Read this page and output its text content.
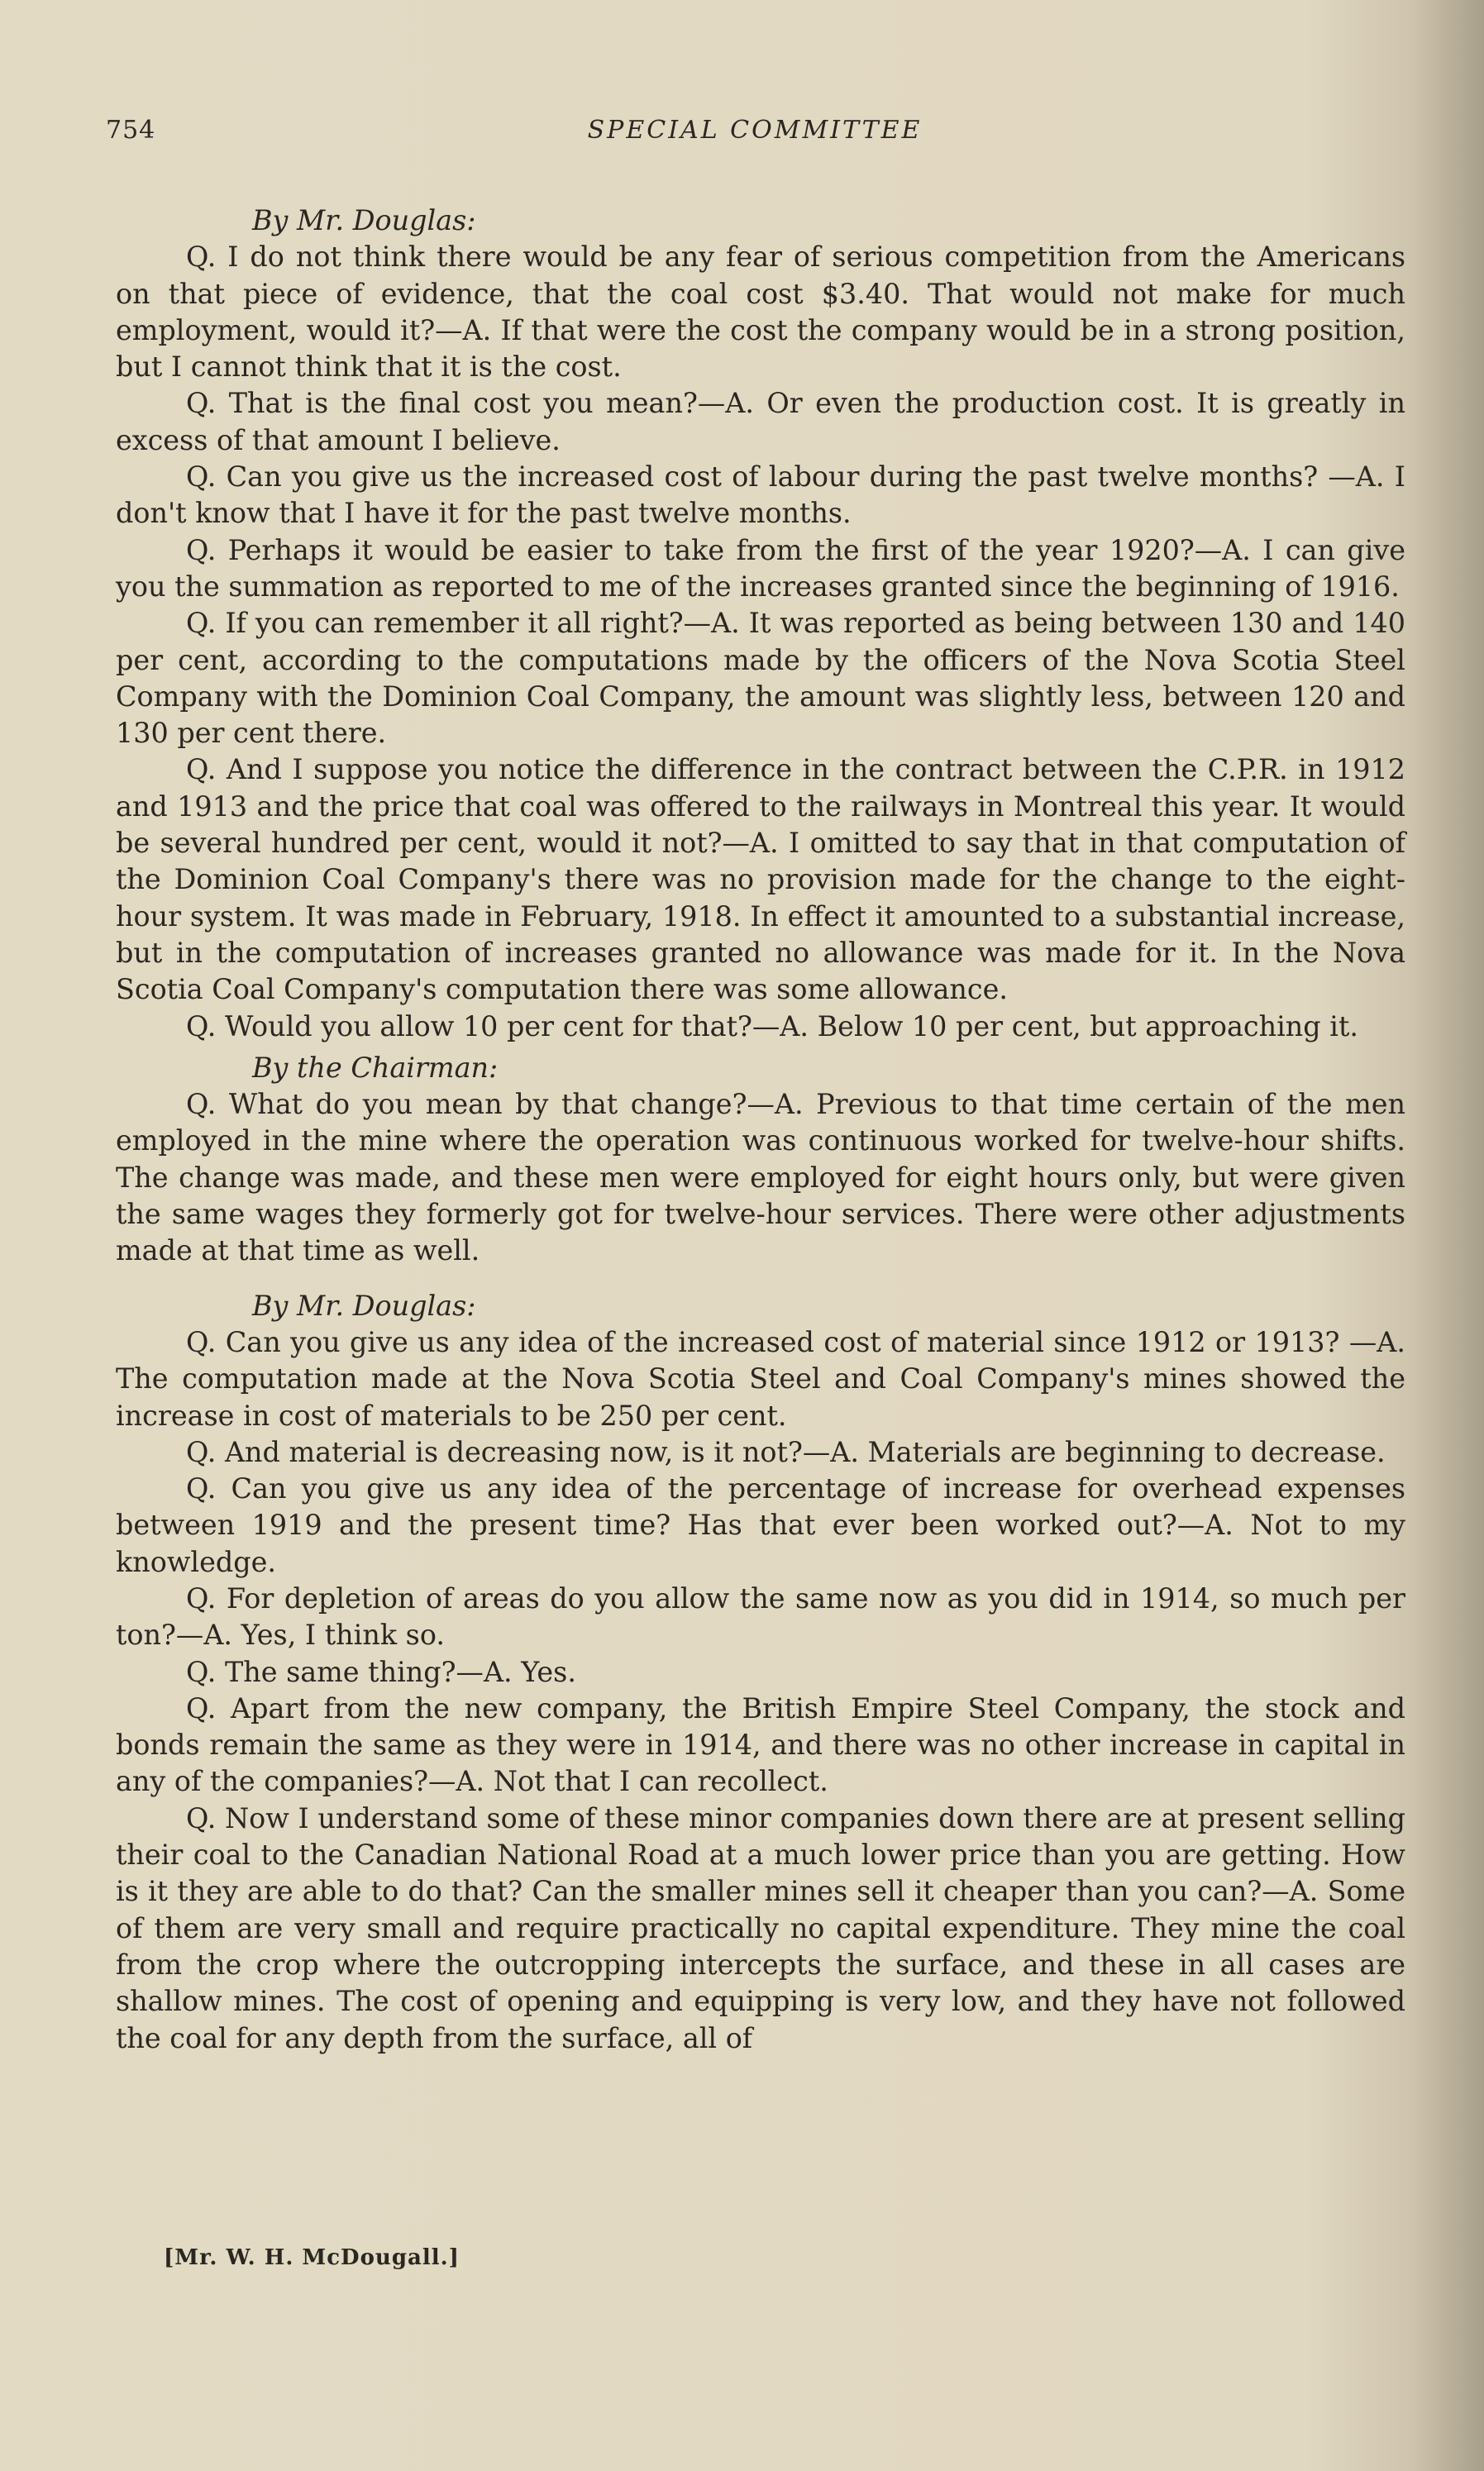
754	SPECIAL COMMITTEE

By Mr. Douglas:

Q. I do not think there would be any fear of serious competition from the Americans on that piece of evidence, that the coal cost $3.40. That would not make for much employment, would it?—A. If that were the cost the company would be in a strong position, but I cannot think that it is the cost.

Q. That is the final cost you mean?—A. Or even the production cost. It is greatly in excess of that amount I believe.

Q. Can you give us the increased cost of labour during the past twelve months? —A. I don't know that I have it for the past twelve months.

Q. Perhaps it would be easier to take from the first of the year 1920?—A. I can give you the summation as reported to me of the increases granted since the beginning of 1916.

Q. If you can remember it all right?—A. It was reported as being between 130 and 140 per cent, according to the computations made by the officers of the Nova Scotia Steel Company with the Dominion Coal Company, the amount was slightly less, between 120 and 130 per cent there.

Q. And I suppose you notice the difference in the contract between the C.P.R. in 1912 and 1913 and the price that coal was offered to the railways in Montreal this year. It would be several hundred per cent, would it not?—A. I omitted to say that in that computation of the Dominion Coal Company's there was no provision made for the change to the eight-hour system. It was made in February, 1918. In effect it amounted to a substantial increase, but in the computation of increases granted no allowance was made for it. In the Nova Scotia Coal Company's computation there was some allowance.

Q. Would you allow 10 per cent for that?—A. Below 10 per cent, but approaching it.

By the Chairman:

Q. What do you mean by that change?—A. Previous to that time certain of the men employed in the mine where the operation was continuous worked for twelve-hour shifts. The change was made, and these men were employed for eight hours only, but were given the same wages they formerly got for twelve-hour services. There were other adjustments made at that time as well.

By Mr. Douglas:

Q. Can you give us any idea of the increased cost of material since 1912 or 1913? —A. The computation made at the Nova Scotia Steel and Coal Company's mines showed the increase in cost of materials to be 250 per cent.

Q. And material is decreasing now, is it not?—A. Materials are beginning to decrease.

Q. Can you give us any idea of the percentage of increase for overhead expenses between 1919 and the present time? Has that ever been worked out?—A. Not to my knowledge.

Q. For depletion of areas do you allow the same now as you did in 1914, so much per ton?—A. Yes, I think so.

Q. The same thing?—A. Yes.

Q. Apart from the new company, the British Empire Steel Company, the stock and bonds remain the same as they were in 1914, and there was no other increase in capital in any of the companies?—A. Not that I can recollect.

Q. Now I understand some of these minor companies down there are at present selling their coal to the Canadian National Road at a much lower price than you are getting. How is it they are able to do that? Can the smaller mines sell it cheaper than you can?—A. Some of them are very small and require practically no capital expenditure. They mine the coal from the crop where the outcropping intercepts the surface, and these in all cases are shallow mines. The cost of opening and equipping is very low, and they have not followed the coal for any depth from the surface, all of

[Mr. W. H. McDougall.]
